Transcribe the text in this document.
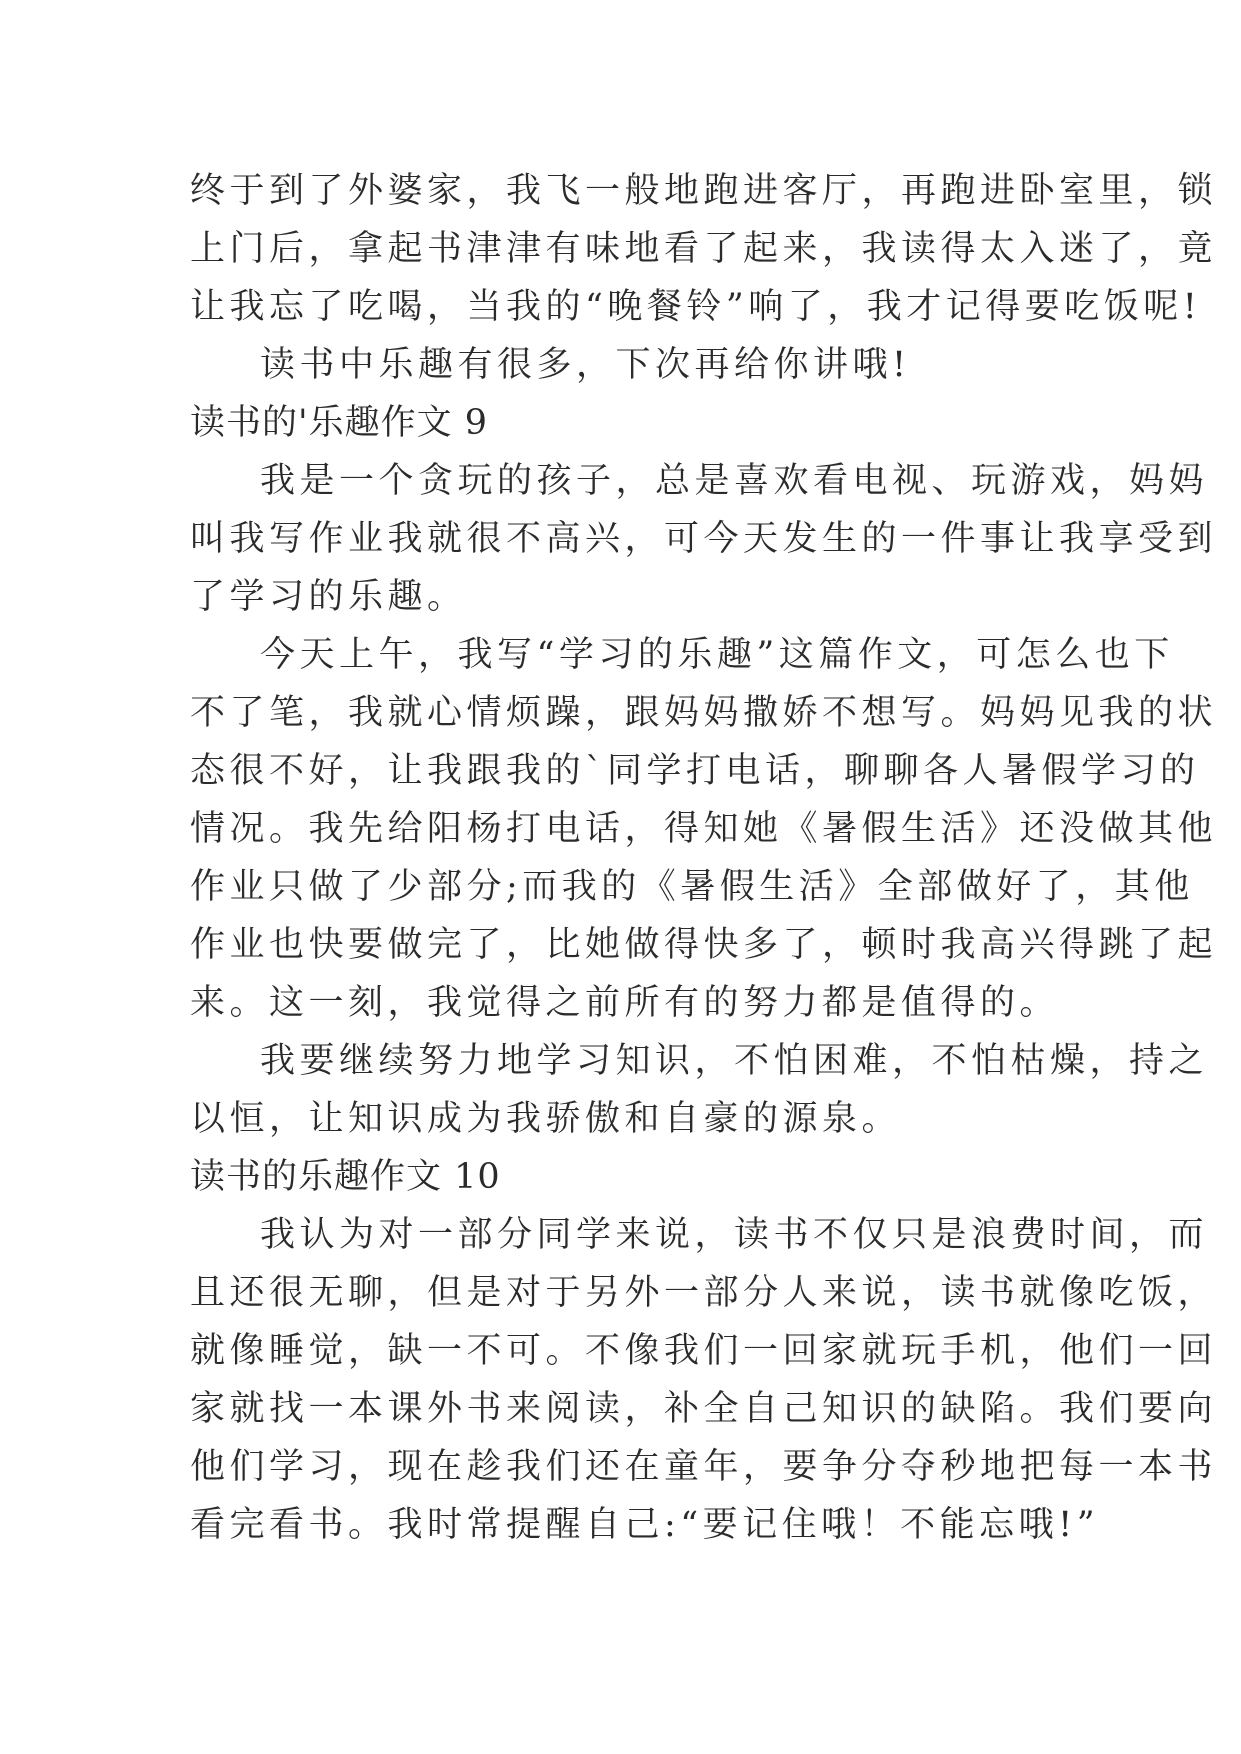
终于到了外婆家，我飞一般地跑进客厅，再跑进卧室里，锁
上门后，拿起书津津有味地看了起来，我读得太入迷了，竟
让我忘了吃喝，当我的“晚餐铃”响了，我才记得要吃饭呢!
读书中乐趣有很多，下次再给你讲哦!
读书的'乐趣作文 9
我是一个贪玩的孩子，总是喜欢看电视、玩游戏，妈妈
叫我写作业我就很不高兴，可今天发生的一件事让我享受到
了学习的乐趣。
今天上午，我写“学习的乐趣”这篇作文，可怎么也下
不了笔，我就心情烦躁，跟妈妈撒娇不想写。妈妈见我的状
态很不好，让我跟我的`同学打电话，聊聊各人暑假学习的
情况。我先给阳杨打电话，得知她《暑假生活》还没做其他
作业只做了少部分;而我的《暑假生活》全部做好了，其他
作业也快要做完了，比她做得快多了，顿时我高兴得跳了起
来。这一刻，我觉得之前所有的努力都是值得的。
我要继续努力地学习知识，不怕困难，不怕枯燥，持之
以恒，让知识成为我骄傲和自豪的源泉。
读书的乐趣作文 10
我认为对一部分同学来说，读书不仅只是浪费时间，而
且还很无聊，但是对于另外一部分人来说，读书就像吃饭，
就像睡觉，缺一不可。不像我们一回家就玩手机，他们一回
家就找一本课外书来阅读，补全自己知识的缺陷。我们要向
他们学习，现在趁我们还在童年，要争分夺秒地把每一本书
看完看书。我时常提醒自己:“要记住哦！不能忘哦!”
